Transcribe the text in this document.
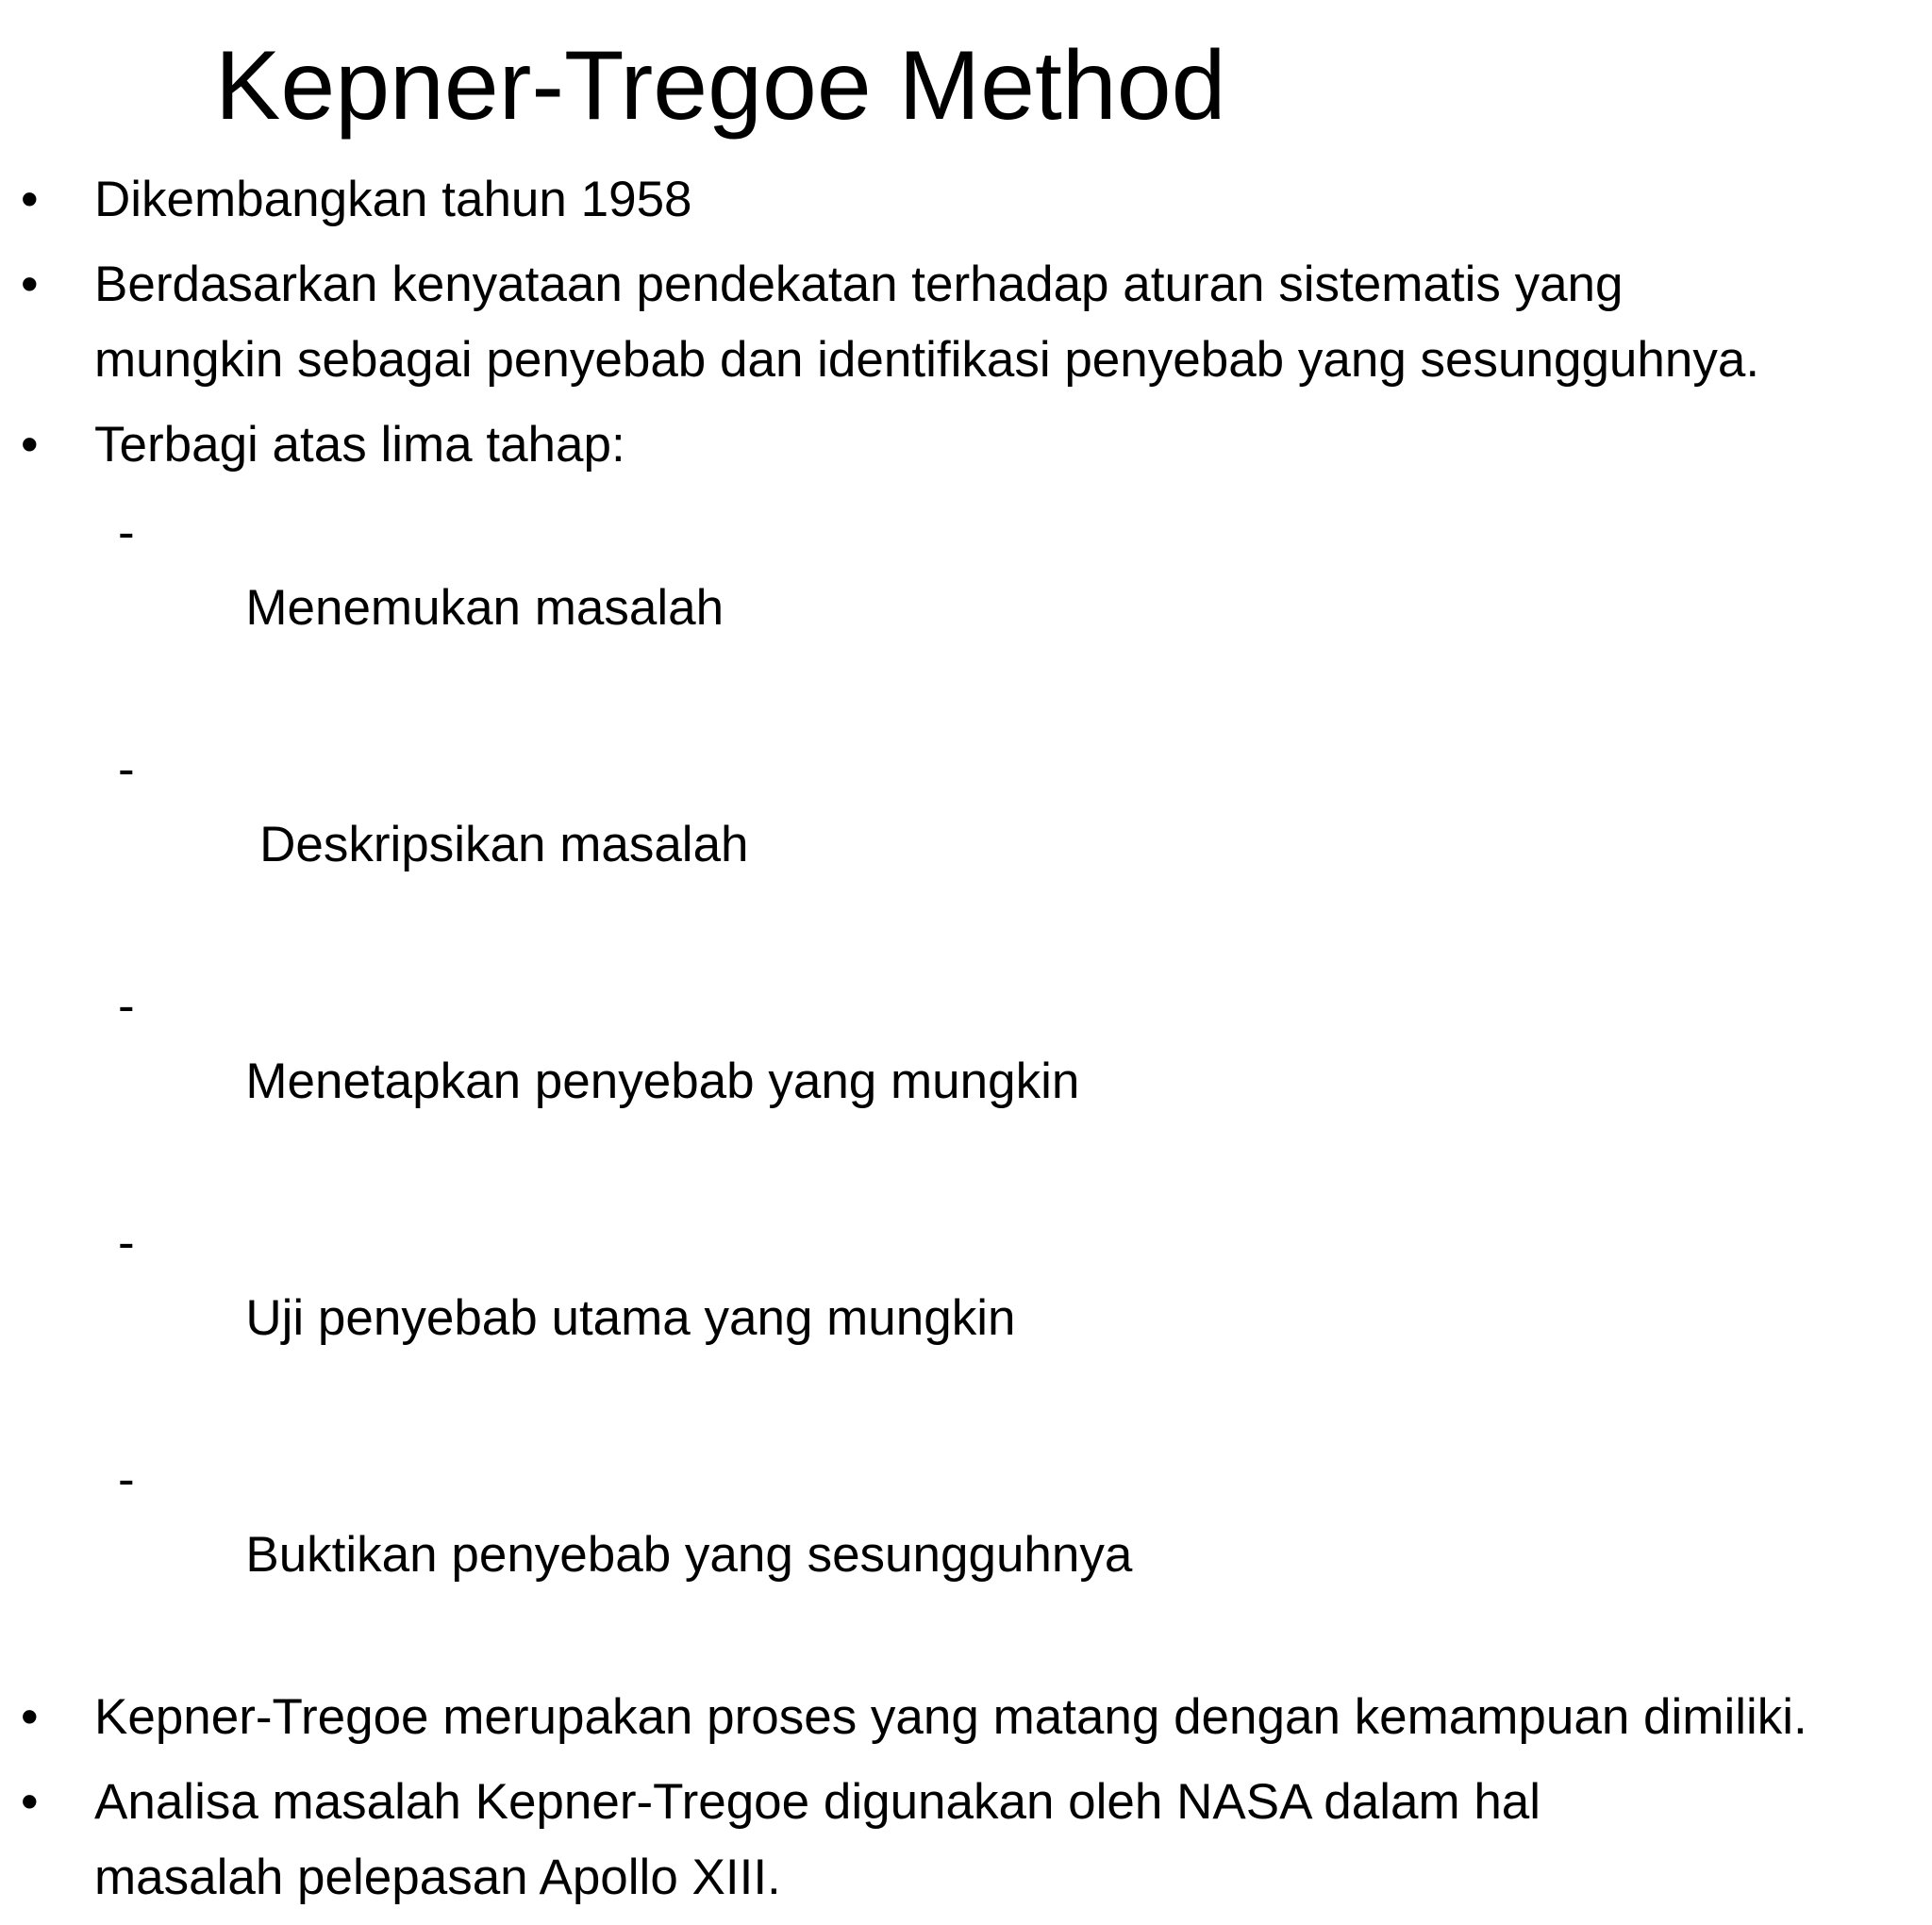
Kepner-Tregoe Method
• Dikembangkan tahun 1958
• Berdasarkan kenyataan pendekatan terhadap aturan sistematis yang mungkin sebagai penyebab dan identifikasi penyebab yang sesungguhnya.
• Terbagi atas lima tahap:

-
Menemukan masalah

-
Deskripsikan masalah

-
Menetapkan penyebab yang mungkin

-
Uji penyebab utama yang mungkin

-
Buktikan penyebab yang sesungguhnya

• Kepner-Tregoe merupakan proses yang matang dengan kemampuan dimiliki.
• Analisa masalah Kepner-Tregoe digunakan oleh NASA dalam hal masalah pelepasan Apollo XIII.
